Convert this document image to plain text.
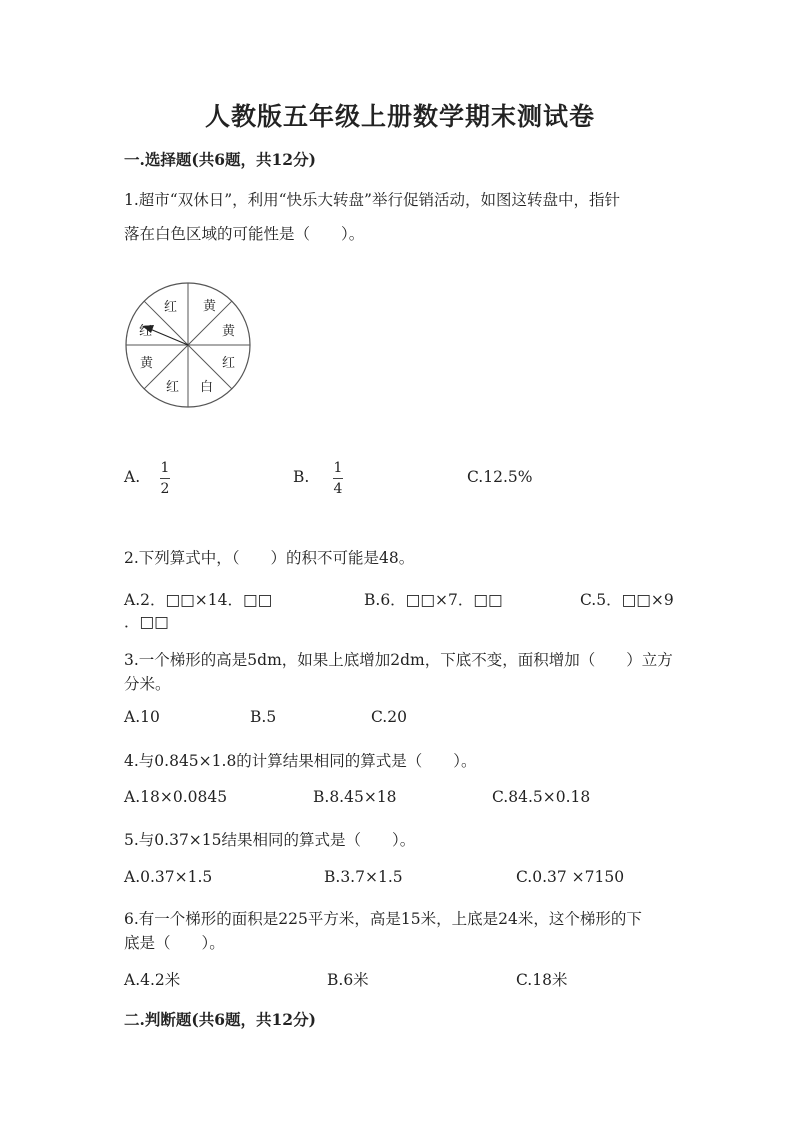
人教版五年级上册数学期末测试卷
一.选择题(共6题，共12分)
1.超市“双休日”，利用“快乐大转盘”举行促销活动，如图这转盘中，指针
落在白色区域的可能性是（　　）。
黄
黄
红
白
红
黄
红
红
A. $\frac{1}{2}$	B. $\frac{1}{4}$	C.12.5%
2.下列算式中，（　　）的积不可能是48。
A.2．□□×14．□□	B.6．□□×7．□□	C.5．□□×9
．□□
3.一个梯形的高是5dm，如果上底增加2dm，下底不变，面积增加（　　）立方
分米。
A.10	B.5	C.20
4.与0.845×1.8的计算结果相同的算式是（　　）。
A.18×0.0845	B.8.45×18	C.84.5×0.18
5.与0.37×15结果相同的算式是（　　）。
A.0.37×1.5	B.3.7×1.5	C.0.37 ×7150
6.有一个梯形的面积是225平方米，高是15米，上底是24米，这个梯形的下
底是（　　）。
A.4.2米	B.6米	C.18米
二.判断题(共6题，共12分)
